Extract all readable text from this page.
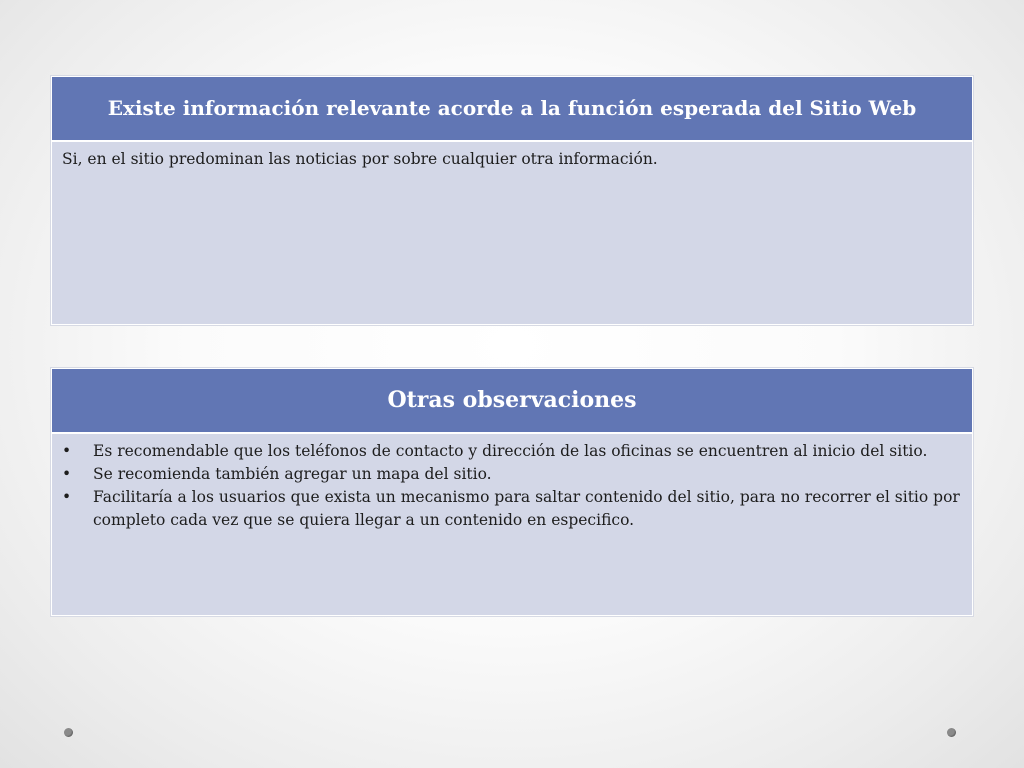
Existe información relevante acorde a la función esperada del Sitio Web
Si, en el sitio predominan las noticias por sobre cualquier otra información.
Otras observaciones
• Es recomendable que los teléfonos de contacto y dirección de las oficinas se encuentren al inicio del sitio.
• Se recomienda también agregar un mapa del sitio.
• Facilitaría a los usuarios que exista un mecanismo para saltar contenido del sitio, para no recorrer el sitio por completo cada vez que se quiera llegar a un contenido en especifico.
